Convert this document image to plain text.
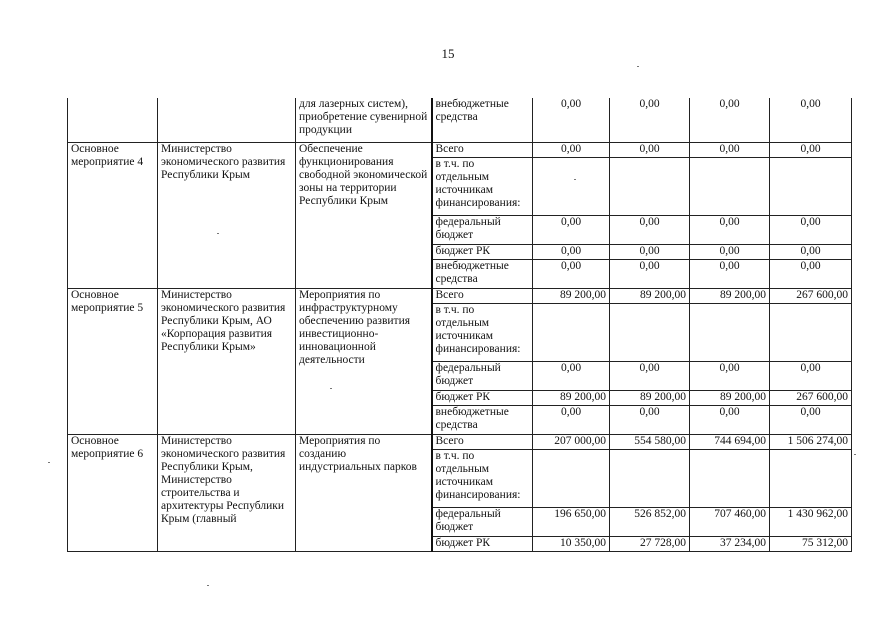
15
		для лазерных систем), приобретение сувенирной продукции	внебюджетные средства	0,00	0,00	0,00	0,00
Основное мероприятие 4	Министерство экономического развития Республики Крым	Обеспечение функционирования свободной экономической зоны на территории Республики Крым	Всего	0,00	0,00	0,00	0,00
			в т.ч. по отдельным источникам финансирования:				
			федеральный бюджет	0,00	0,00	0,00	0,00
			бюджет РК	0,00	0,00	0,00	0,00
			внебюджетные средства	0,00	0,00	0,00	0,00
Основное мероприятие 5	Министерство экономического развития Республики Крым, АО «Корпорация развития Республики Крым»	Мероприятия по инфраструктурному обеспечению развития инвестиционно-инновационной деятельности	Всего	89 200,00	89 200,00	89 200,00	267 600,00
			в т.ч. по отдельным источникам финансирования:				
			федеральный бюджет	0,00	0,00	0,00	0,00
			бюджет РК	89 200,00	89 200,00	89 200,00	267 600,00
			внебюджетные средства	0,00	0,00	0,00	0,00
Основное мероприятие 6	Министерство экономического развития Республики Крым, Министерство строительства и архитектуры Республики Крым (главный	Мероприятия по созданию индустриальных парков	Всего	207 000,00	554 580,00	744 694,00	1 506 274,00
			в т.ч. по отдельным источникам финансирования:				
			федеральный бюджет	196 650,00	526 852,00	707 460,00	1 430 962,00
			бюджет РК	10 350,00	27 728,00	37 234,00	75 312,00
